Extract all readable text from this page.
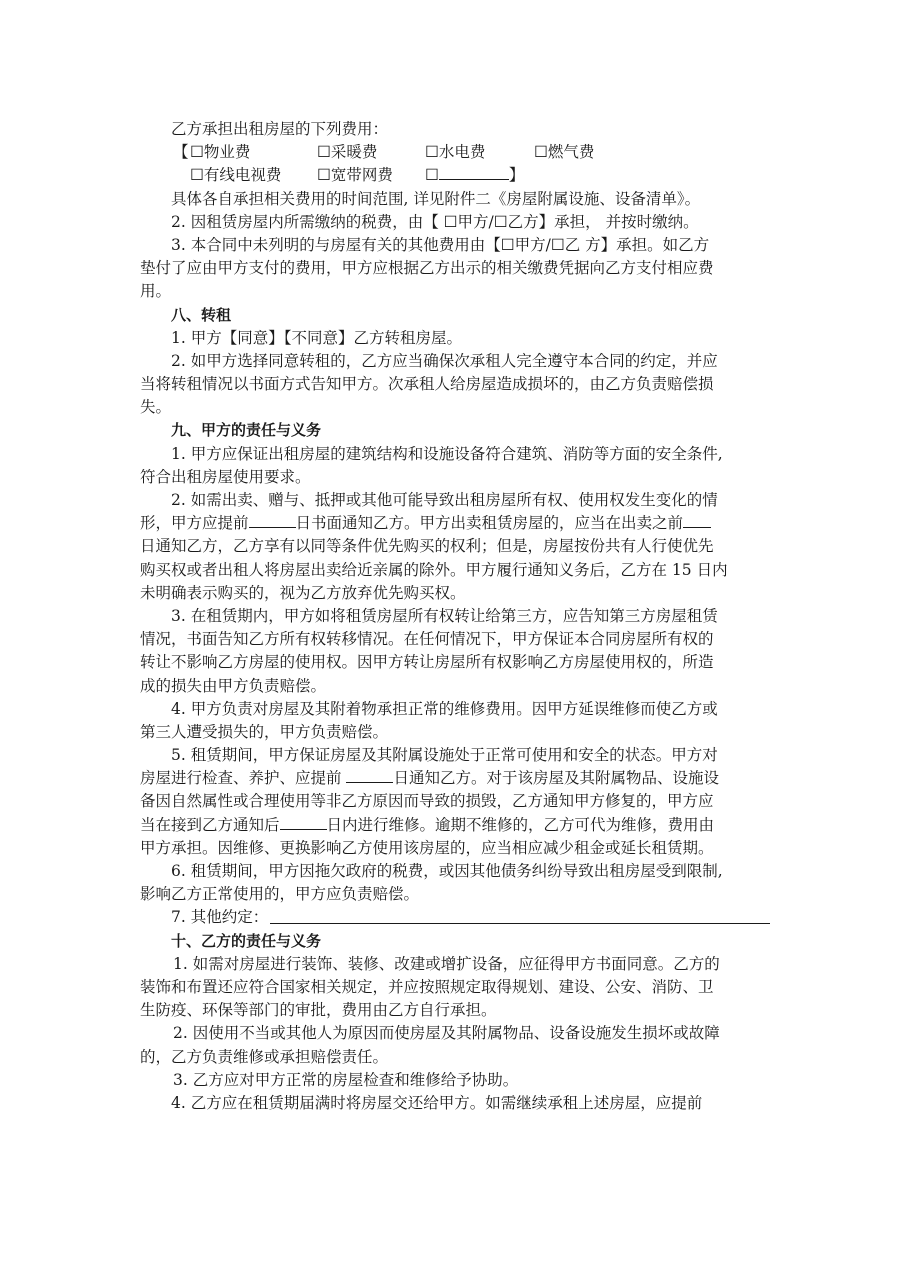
乙方承担出租房屋的下列费用：
【 ☐物业费	☐采暖费	☐水电费	☐燃气费
☐有线电视费 ☐宽带网费 ☐	】
具体各自承担相关费用的时间范围, 详见附件二《房屋附属设施、设备清单》。
2. 因租赁房屋内所需缴纳的税费，由【 ☐甲方/☐乙方】承担， 并按时缴纳。
3. 本合同中未列明的与房屋有关的其他费用由【☐甲方/☐乙 方】承担。如乙方
垫付了应由甲方支付的费用，甲方应根据乙方出示的相关缴费凭据向乙方支付相应费
用。
八、转租
1. 甲方【同意】【不同意】乙方转租房屋。
2. 如甲方选择同意转租的，乙方应当确保次承租人完全遵守本合同的约定，并应
当将转租情况以书面方式告知甲方。次承租人给房屋造成损坏的，由乙方负责赔偿损
失。
九、甲方的责任与义务
1. 甲方应保证出租房屋的建筑结构和设施设备符合建筑、消防等方面的安全条件,
符合出租房屋使用要求。
2. 如需出卖、赠与、抵押或其他可能导致出租房屋所有权、使用权发生变化的情
形，甲方应提前	日书面通知乙方。甲方出卖租赁房屋的，应当在出卖之前
日通知乙方，乙方享有以同等条件优先购买的权利；但是，房屋按份共有人行使优先
购买权或者出租人将房屋出卖给近亲属的除外。甲方履行通知义务后，乙方在 15 日内
未明确表示购买的，视为乙方放弃优先购买权。
3. 在租赁期内，甲方如将租赁房屋所有权转让给第三方，应告知第三方房屋租赁
情况，书面告知乙方所有权转移情况。在任何情况下，甲方保证本合同房屋所有权的
转让不影响乙方房屋的使用权。因甲方转让房屋所有权影响乙方房屋使用权的，所造
成的损失由甲方负责赔偿。
4. 甲方负责对房屋及其附着物承担正常的维修费用。因甲方延误维修而使乙方或
第三人遭受损失的，甲方负责赔偿。
5. 租赁期间，甲方保证房屋及其附属设施处于正常可使用和安全的状态。甲方对
房屋进行检查、养护、应提前	日通知乙方。对于该房屋及其附属物品、设施设
备因自然属性或合理使用等非乙方原因而导致的损毁，乙方通知甲方修复的，甲方应
当在接到乙方通知后	日内进行维修。逾期不维修的，乙方可代为维修，费用由
甲方承担。因维修、更换影响乙方使用该房屋的，应当相应减少租金或延长租赁期。
6. 租赁期间，甲方因拖欠政府的税费，或因其他债务纠纷导致出租房屋受到限制,
影响乙方正常使用的，甲方应负责赔偿。
7. 其他约定：
十、乙方的责任与义务
1. 如需对房屋进行装饰、装修、改建或增扩设备，应征得甲方书面同意。乙方的
装饰和布置还应符合国家相关规定，并应按照规定取得规划、建设、公安、消防、卫
生防疫、环保等部门的审批，费用由乙方自行承担。
2. 因使用不当或其他人为原因而使房屋及其附属物品、设备设施发生损坏或故障
的，乙方负责维修或承担赔偿责任。
3. 乙方应对甲方正常的房屋检查和维修给予协助。
4. 乙方应在租赁期届满时将房屋交还给甲方。如需继续承租上述房屋，应提前
